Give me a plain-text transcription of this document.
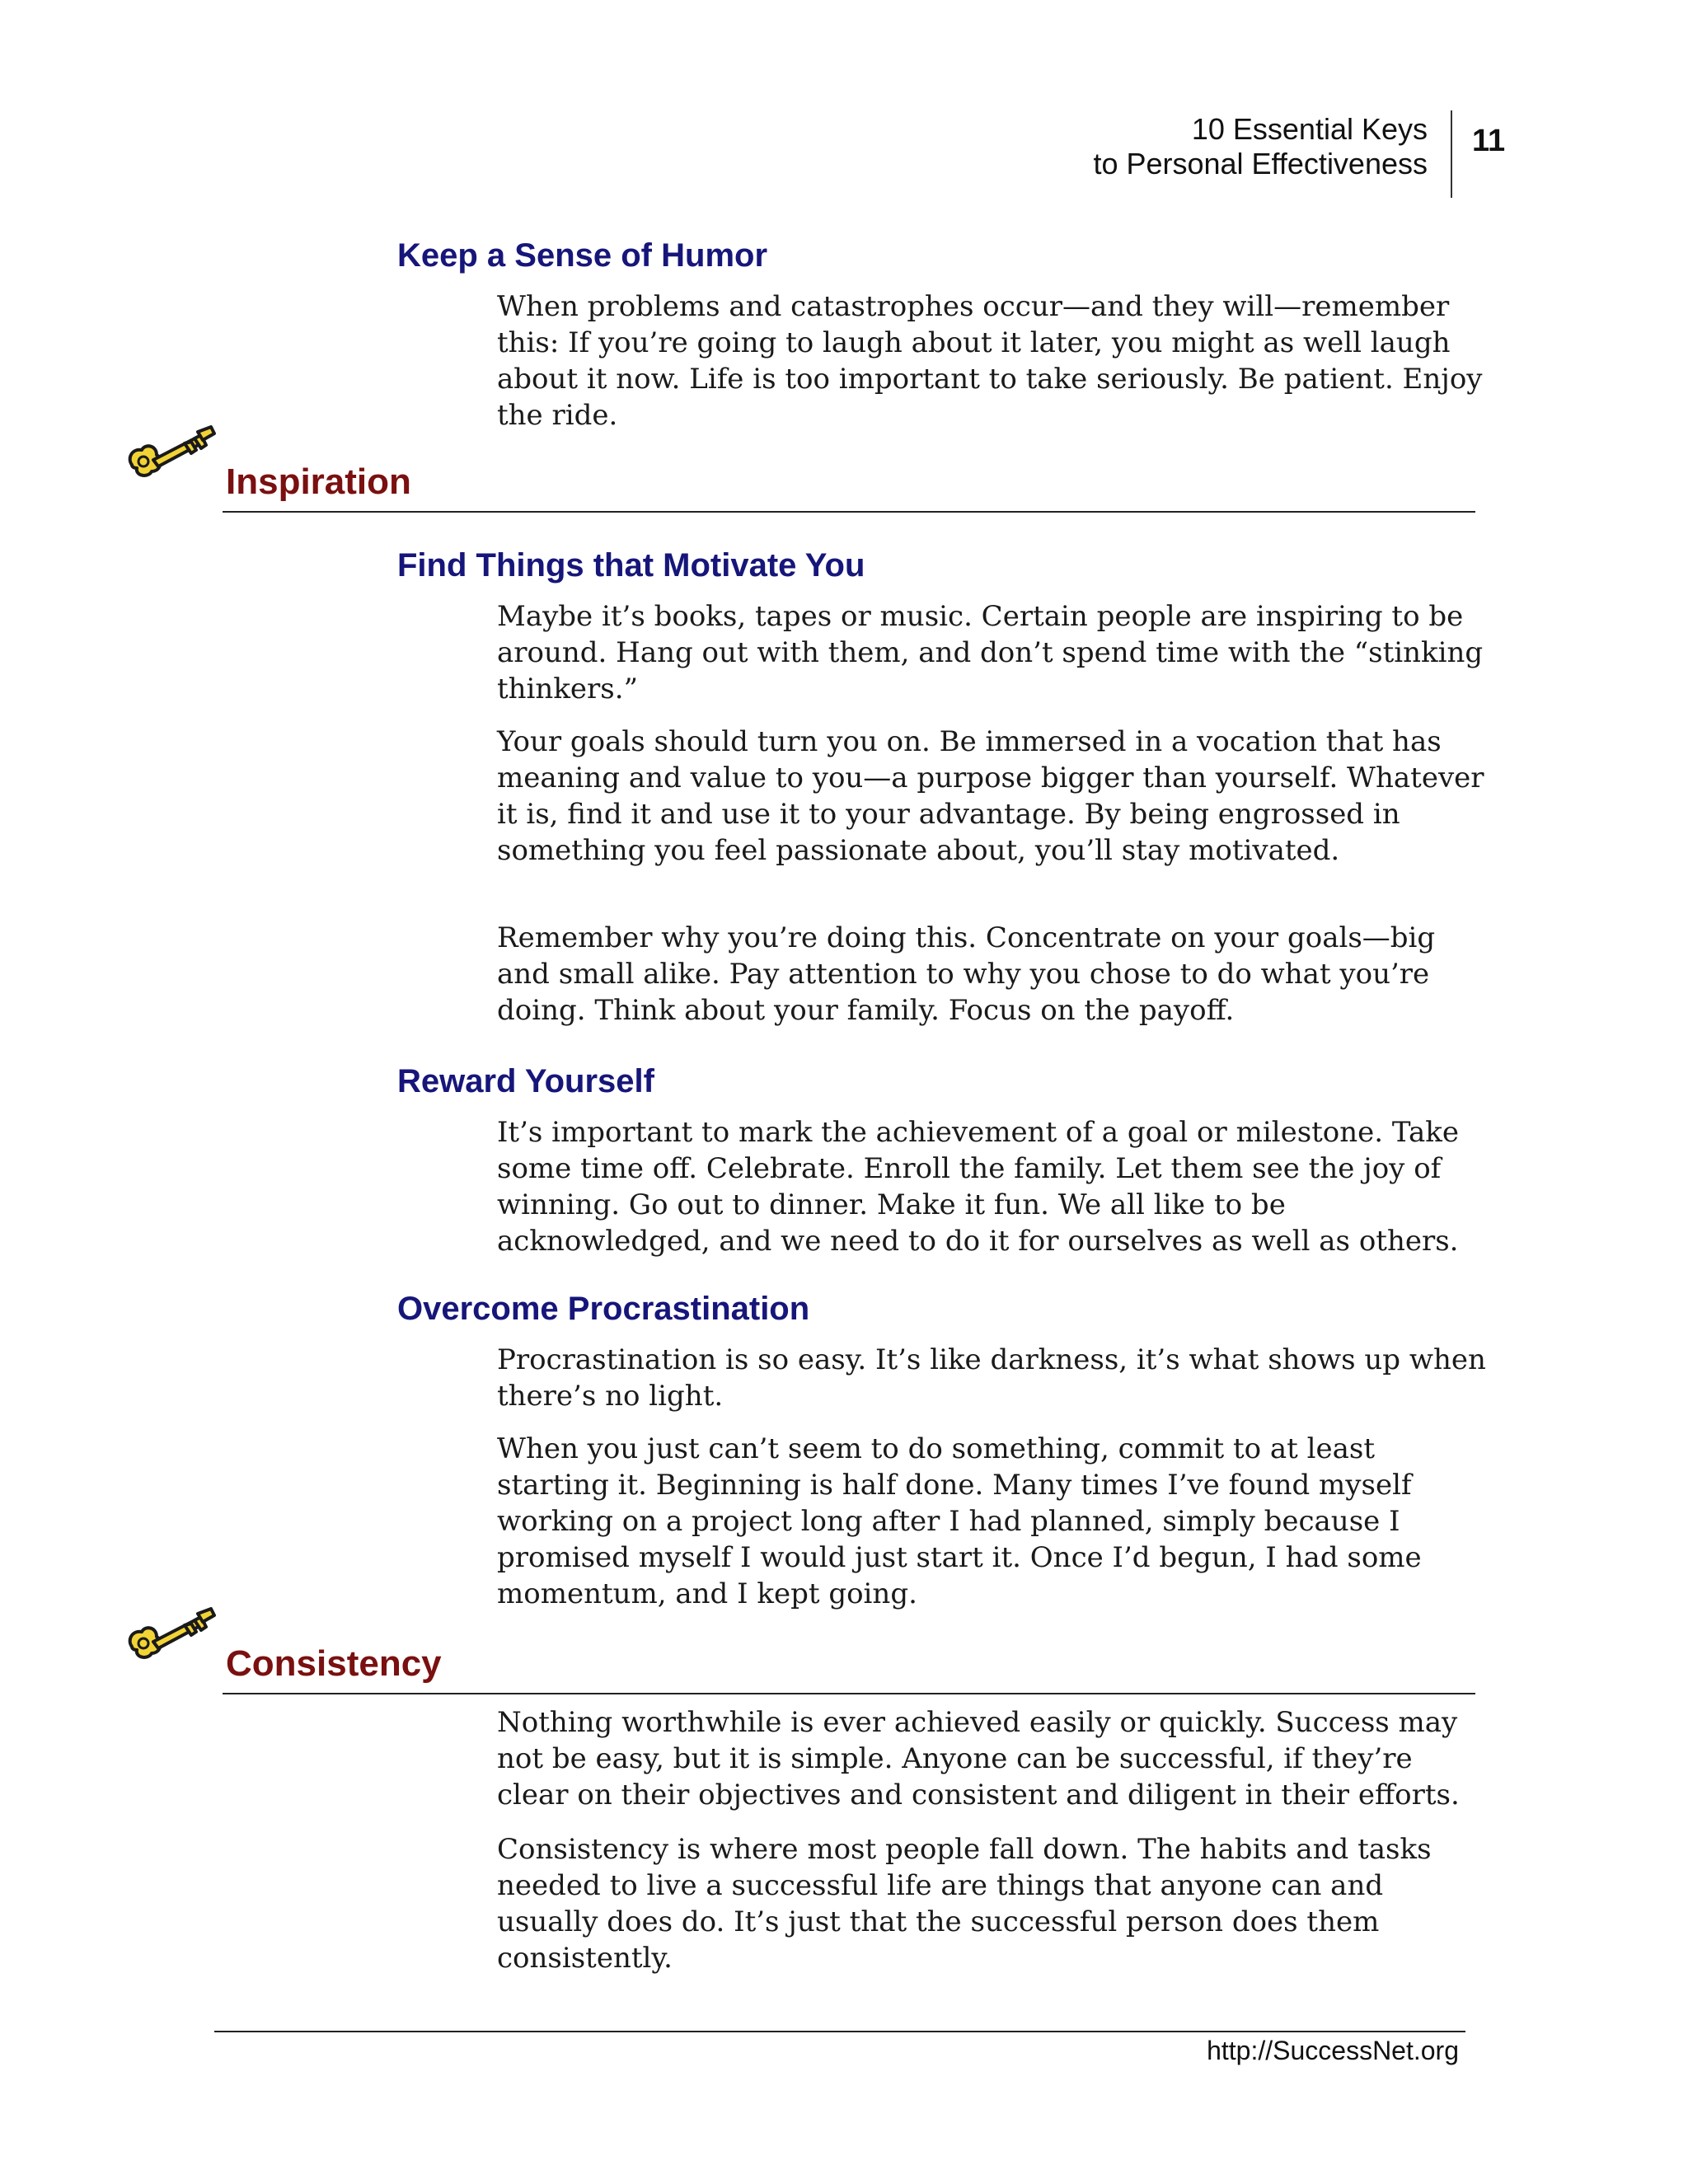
10 Essential Keys
to Personal Effectiveness
11
Keep a Sense of Humor

When problems and catastrophes occur—and they will—remember this: If you’re going to laugh about it later, you might as well laugh about it now. Life is too important to take seriously. Be patient. Enjoy the ride.

Inspiration
Find Things that Motivate You

Maybe it’s books, tapes or music. Certain people are inspiring to be around. Hang out with them, and don’t spend time with the “stinking thinkers.”

Your goals should turn you on. Be immersed in a vocation that has meaning and value to you—a purpose bigger than yourself. Whatever it is, find it and use it to your advantage. By being engrossed in something you feel passionate about, you’ll stay motivated.

Remember why you’re doing this. Concentrate on your goals—big and small alike. Pay attention to why you chose to do what you’re doing. Think about your family. Focus on the payoff.

Reward Yourself

It’s important to mark the achievement of a goal or milestone. Take some time off. Celebrate. Enroll the family. Let them see the joy of winning. Go out to dinner. Make it fun. We all like to be acknowledged, and we need to do it for ourselves as well as others.

Overcome Procrastination

Procrastination is so easy. It’s like darkness, it’s what shows up when there’s no light.

When you just can’t seem to do something, commit to at least starting it. Beginning is half done. Many times I’ve found myself working on a project long after I had planned, simply because I promised myself I would just start it. Once I’d begun, I had some momentum, and I kept going.

Consistency

Nothing worthwhile is ever achieved easily or quickly. Success may not be easy, but it is simple. Anyone can be successful, if they’re clear on their objectives and consistent and diligent in their efforts.

Consistency is where most people fall down. The habits and tasks needed to live a successful life are things that anyone can and usually does do. It’s just that the successful person does them consistently.

http://SuccessNet.org
